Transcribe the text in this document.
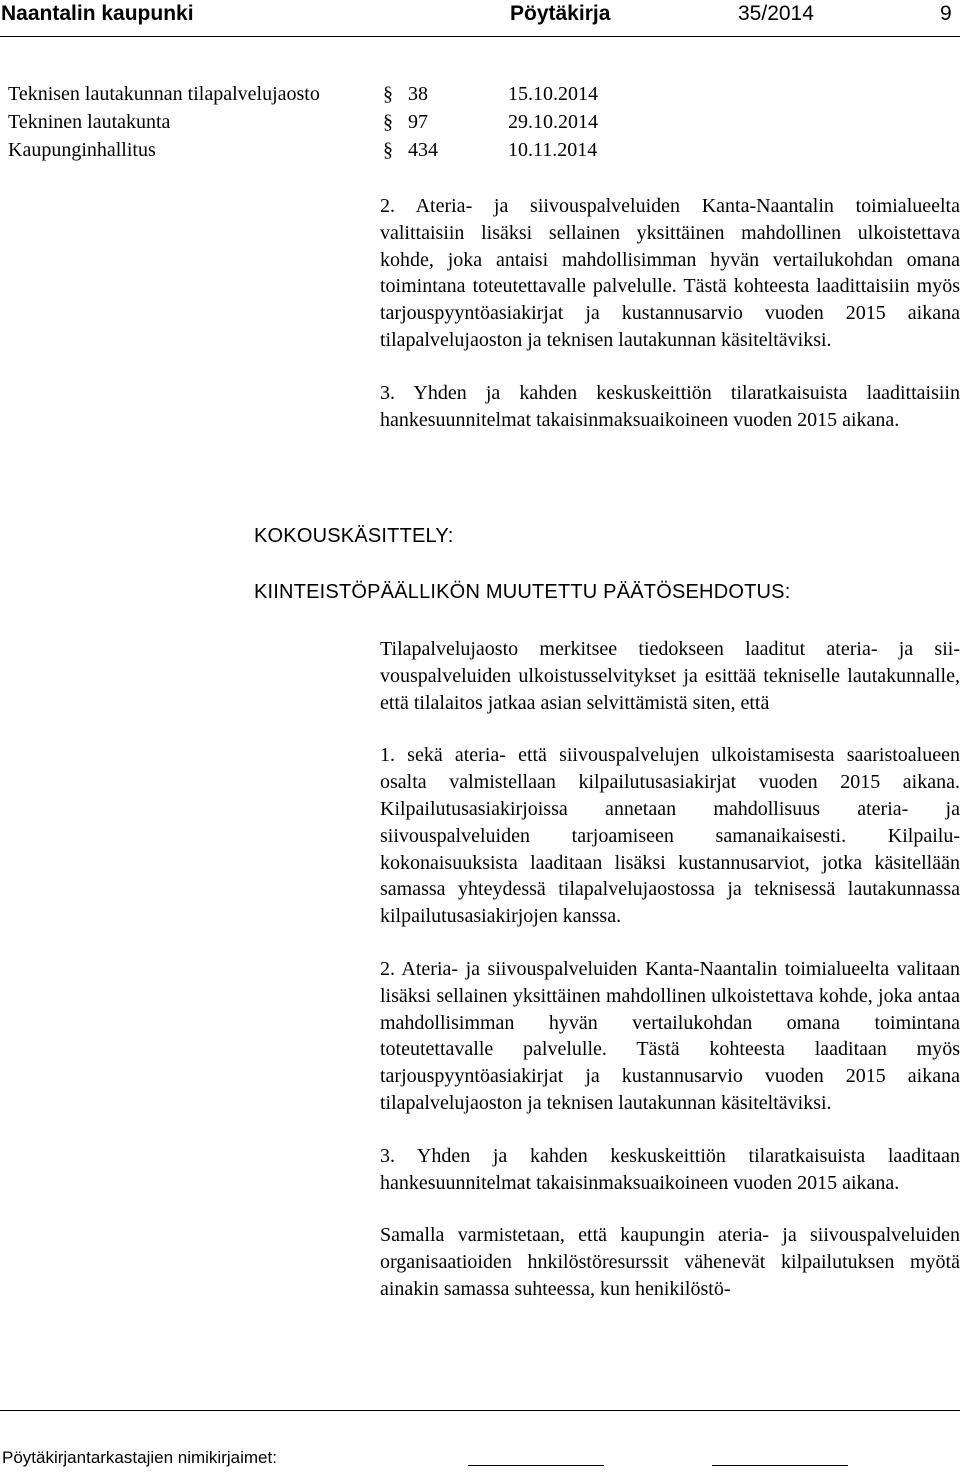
Naantalin kaupunki	Pöytäkirja	35/2014	9
Teknisen lautakunnan tilapalvelujaosto	§ 38	15.10.2014
Tekninen lautakunta	§ 97	29.10.2014
Kaupunginhallitus	§ 434	10.11.2014

2. Ateria- ja siivouspalveluiden Kanta-Naantalin toimialueelta valittaisiin lisäksi sellainen yksittäinen mahdollinen ulkoistettava kohde, joka antaisi mahdollisimman hyvän vertailukohdan omana toimintana toteutettavalle palvelulle. Tästä kohteesta laadittaisiin myös tarjouspyyntöasiakirjat ja kustannusarvio vuoden 2015 aikana tilapalvelujaoston ja teknisen lautakunnan käsiteltäviksi.

3. Yhden ja kahden keskuskeittiön tilaratkaisuista laadittaisiin hankesuunnitelmat takaisinmaksuaikoineen vuoden 2015 aikana.

KOKOUSKÄSITTELY:
KIINTEISTÖPÄÄLLIKÖN MUUTETTU PÄÄTÖSEHDOTUS:

Tilapalvelujaosto merkitsee tiedokseen laaditut ateria- ja siivouspalveluiden ulkoistusselvitykset ja esittää tekniselle lautakunnalle, että tilalaitos jatkaa asian selvittämistä siten, että

1. sekä ateria- että siivouspalvelujen ulkoistamisesta saaristoalueen osalta valmistellaan kilpailutusasiakirjat vuoden 2015 aikana. Kilpailutusasiakirjoissa annetaan mahdollisuus ateria- ja siivouspalveluiden tarjoamiseen samanaikaisesti. Kilpailukokonaisuuksista laaditaan lisäksi kustannusarviot, jotka käsitellään samassa yhteydessä tilapalvelujaostossa ja teknisessä lautakunnassa kilpailutusasiakirjojen kanssa.

2. Ateria- ja siivouspalveluiden Kanta-Naantalin toimialueelta valitaan lisäksi sellainen yksittäinen mahdollinen ulkoistettava kohde, joka antaa mahdollisimman hyvän vertailukohdan omana toimintana toteutettavalle palvelulle. Tästä kohteesta laaditaan myös tarjouspyyntöasiakirjat ja kustannusarvio vuoden 2015 aikana tilapalvelujaoston ja teknisen lautakunnan käsiteltäviksi.

3. Yhden ja kahden keskuskeittiön tilaratkaisuista laaditaan hankesuunnitelmat takaisinmaksuaikoineen vuoden 2015 aikana.

Samalla varmistetaan, että kaupungin ateria- ja siivouspalveluiden organisaatioiden hnkilöstöresurssit vähenevät kilpailutuksen myötä ainakin samassa suhteessa, kun henikilöstö-

Pöytäkirjantarkastajien nimikirjaimet:
